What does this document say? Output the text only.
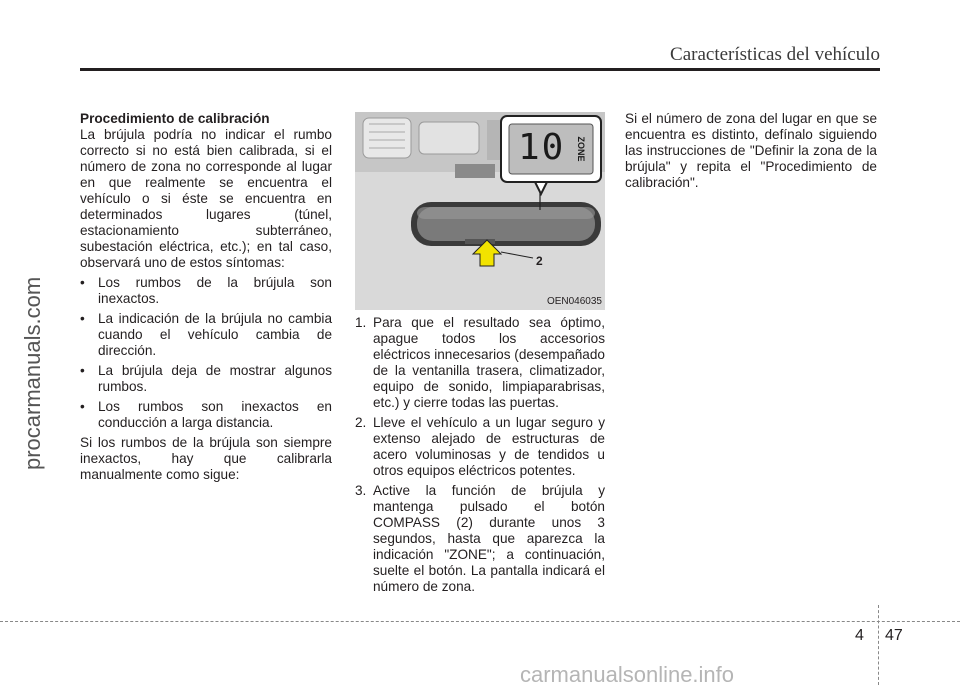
Características del vehículo
procarmanuals.com

Procedimiento de calibración

La brújula podría no indicar el rumbo correcto si no está bien calibrada, si el número de zona no corresponde al lugar en que realmente se encuentra el vehículo o si éste se encuentra en determinados lugares (túnel, estacionamiento subterráneo, subestación eléctrica, etc.); en tal caso, observará uno de estos síntomas:

• Los rumbos de la brújula son inexactos.
• La indicación de la brújula no cambia cuando el vehículo cambia de dirección.
• La brújula deja de mostrar algunos rumbos.
• Los rumbos son inexactos en conducción a larga distancia.

Si los rumbos de la brújula son siempre inexactos, hay que calibrarla manualmente como sigue:

10 ZONE
2
OEN046035
1. Para que el resultado sea óptimo, apague todos los accesorios eléctricos innecesarios (desempañado de la ventanilla trasera, climatizador, equipo de sonido, limpiaparabrisas, etc.) y cierre todas las puertas.
2. Lleve el vehículo a un lugar seguro y extenso alejado de estructuras de acero voluminosas y de tendidos u otros equipos eléctricos potentes.
3. Active la función de brújula y mantenga pulsado el botón COMPASS (2) durante unos 3 segundos, hasta que aparezca la indicación "ZONE"; a continuación, suelte el botón. La pantalla indicará el número de zona.

Si el número de zona del lugar en que se encuentra es distinto, defínalo siguiendo las instrucciones de "Definir la zona de la brújula" y repita el "Procedimiento de calibración".

4 47
carmanualsonline.info
